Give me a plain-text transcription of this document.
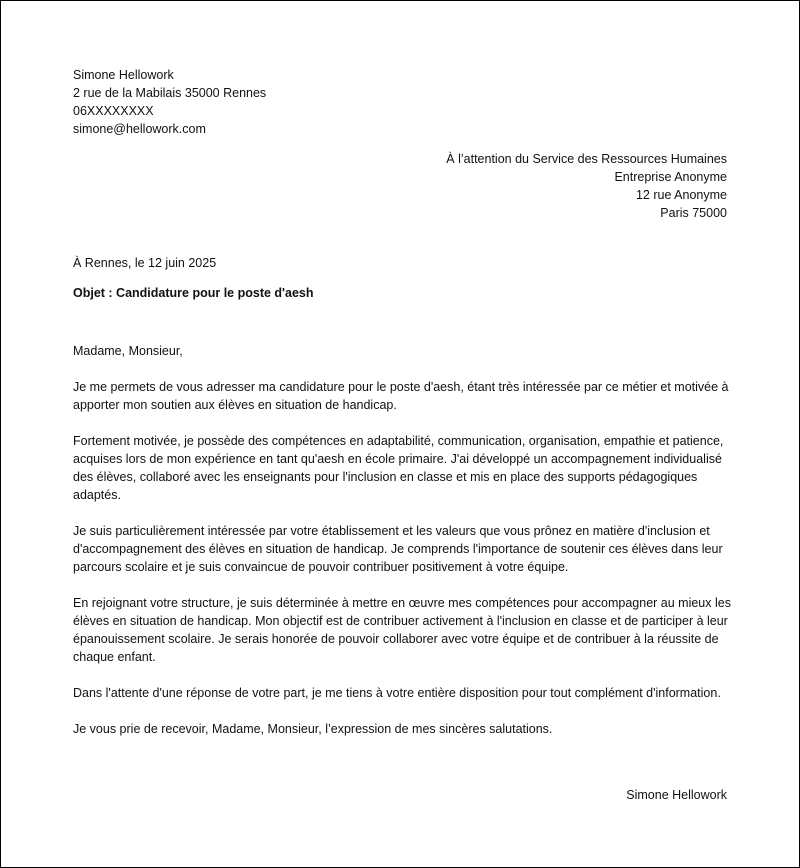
Simone Hellowork
2 rue de la Mabilais 35000 Rennes
06XXXXXXXX
simone@hellowork.com
À l’attention du Service des Ressources Humaines
Entreprise Anonyme
12 rue Anonyme
Paris 75000
À Rennes, le 12 juin 2025
Objet : Candidature pour le poste d'aesh

Madame, Monsieur,

Je me permets de vous adresser ma candidature pour le poste d'aesh, étant très intéressée par ce métier et motivée à apporter mon soutien aux élèves en situation de handicap.

Fortement motivée, je possède des compétences en adaptabilité, communication, organisation, empathie et patience, acquises lors de mon expérience en tant qu'aesh en école primaire. J'ai développé un accompagnement individualisé des élèves, collaboré avec les enseignants pour l'inclusion en classe et mis en place des supports pédagogiques adaptés.

Je suis particulièrement intéressée par votre établissement et les valeurs que vous prônez en matière d'inclusion et d'accompagnement des élèves en situation de handicap. Je comprends l'importance de soutenir ces élèves dans leur parcours scolaire et je suis convaincue de pouvoir contribuer positivement à votre équipe.

En rejoignant votre structure, je suis déterminée à mettre en œuvre mes compétences pour accompagner au mieux les élèves en situation de handicap. Mon objectif est de contribuer activement à l'inclusion en classe et de participer à leur épanouissement scolaire. Je serais honorée de pouvoir collaborer avec votre équipe et de contribuer à la réussite de chaque enfant.

Dans l'attente d'une réponse de votre part, je me tiens à votre entière disposition pour tout complément d'information.

Je vous prie de recevoir, Madame, Monsieur, l’expression de mes sincères salutations.

Simone Hellowork
